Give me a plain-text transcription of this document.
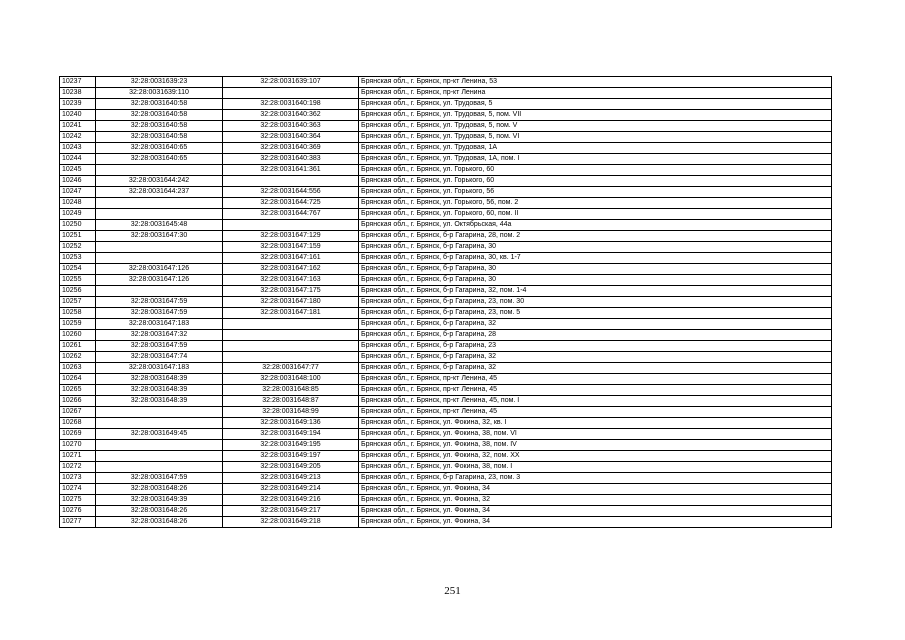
10237	32:28:0031639:23	32:28:0031639:107	Брянская обл., г. Брянск, пр-кт Ленина, 53
10238	32:28:0031639:110		Брянская обл., г. Брянск, пр-кт Ленина
10239	32:28:0031640:58	32:28:0031640:198	Брянская обл., г. Брянск, ул. Трудовая, 5
10240	32:28:0031640:58	32:28:0031640:362	Брянская обл., г. Брянск, ул. Трудовая, 5, пом. VII
10241	32:28:0031640:58	32:28:0031640:363	Брянская обл., г. Брянск, ул. Трудовая, 5, пом. V
10242	32:28:0031640:58	32:28:0031640:364	Брянская обл., г. Брянск, ул. Трудовая, 5, пом. VI
10243	32:28:0031640:65	32:28:0031640:369	Брянская обл., г. Брянск, ул. Трудовая, 1А
10244	32:28:0031640:65	32:28:0031640:383	Брянская обл., г. Брянск, ул. Трудовая, 1А, пом. I
10245		32:28:0031641:361	Брянская обл., г. Брянск, ул. Горького, 60
10246	32:28:0031644:242		Брянская обл., г. Брянск, ул. Горького, 60
10247	32:28:0031644:237	32:28:0031644:556	Брянская обл., г. Брянск, ул. Горького, 56
10248		32:28:0031644:725	Брянская обл., г. Брянск, ул. Горького, 56, пом. 2
10249		32:28:0031644:767	Брянская обл., г. Брянск, ул. Горького, 60, пом. II
10250	32:28:0031645:48		Брянская обл., г. Брянск, ул. Октябрьская, 44а
10251	32:28:0031647:30	32:28:0031647:129	Брянская обл., г. Брянск, б-р Гагарина, 28, пом. 2
10252		32:28:0031647:159	Брянская обл., г. Брянск, б-р Гагарина, 30
10253		32:28:0031647:161	Брянская обл., г. Брянск, б-р Гагарина, 30, кв. 1-7
10254	32:28:0031647:126	32:28:0031647:162	Брянская обл., г. Брянск, б-р Гагарина, 30
10255	32:28:0031647:126	32:28:0031647:163	Брянская обл., г. Брянск, б-р Гагарина, 30
10256		32:28:0031647:175	Брянская обл., г. Брянск, б-р Гагарина, 32, пом. 1-4
10257	32:28:0031647:59	32:28:0031647:180	Брянская обл., г. Брянск, б-р Гагарина, 23, пом. 30
10258	32:28:0031647:59	32:28:0031647:181	Брянская обл., г. Брянск, б-р Гагарина, 23, пом. 5
10259	32:28:0031647:183		Брянская обл., г. Брянск, б-р Гагарина, 32
10260	32:28:0031647:32		Брянская обл., г. Брянск, б-р Гагарина, 28
10261	32:28:0031647:59		Брянская обл., г. Брянск, б-р Гагарина, 23
10262	32:28:0031647:74		Брянская обл., г. Брянск, б-р Гагарина, 32
10263	32:28:0031647:183	32:28:0031647:77	Брянская обл., г. Брянск, б-р Гагарина, 32
10264	32:28:0031648:39	32:28:0031648:100	Брянская обл., г. Брянск, пр-кт Ленина, 45
10265	32:28:0031648:39	32:28:0031648:85	Брянская обл., г. Брянск, пр-кт Ленина, 45
10266	32:28:0031648:39	32:28:0031648:87	Брянская обл., г. Брянск, пр-кт Ленина, 45, пом. I
10267		32:28:0031648:99	Брянская обл., г. Брянск, пр-кт Ленина, 45
10268		32:28:0031649:136	Брянская обл., г. Брянск, ул. Фокина, 32, кв. I
10269	32:28:0031649:45	32:28:0031649:194	Брянская обл., г. Брянск, ул. Фокина, 38, пом. VI
10270		32:28:0031649:195	Брянская обл., г. Брянск, ул. Фокина, 38, пом. IV
10271		32:28:0031649:197	Брянская обл., г. Брянск, ул. Фокина, 32, пом. XX
10272		32:28:0031649:205	Брянская обл., г. Брянск, ул. Фокина, 38, пом. I
10273	32:28:0031647:59	32:28:0031649:213	Брянская обл., г. Брянск, б-р Гагарина, 23, пом. 3
10274	32:28:0031648:26	32:28:0031649:214	Брянская обл., г. Брянск, ул. Фокина, 34
10275	32:28:0031649:39	32:28:0031649:216	Брянская обл., г. Брянск, ул. Фокина, 32
10276	32:28:0031648:26	32:28:0031649:217	Брянская обл., г. Брянск, ул. Фокина, 34
10277	32:28:0031648:26	32:28:0031649:218	Брянская обл., г. Брянск, ул. Фокина, 34
251
